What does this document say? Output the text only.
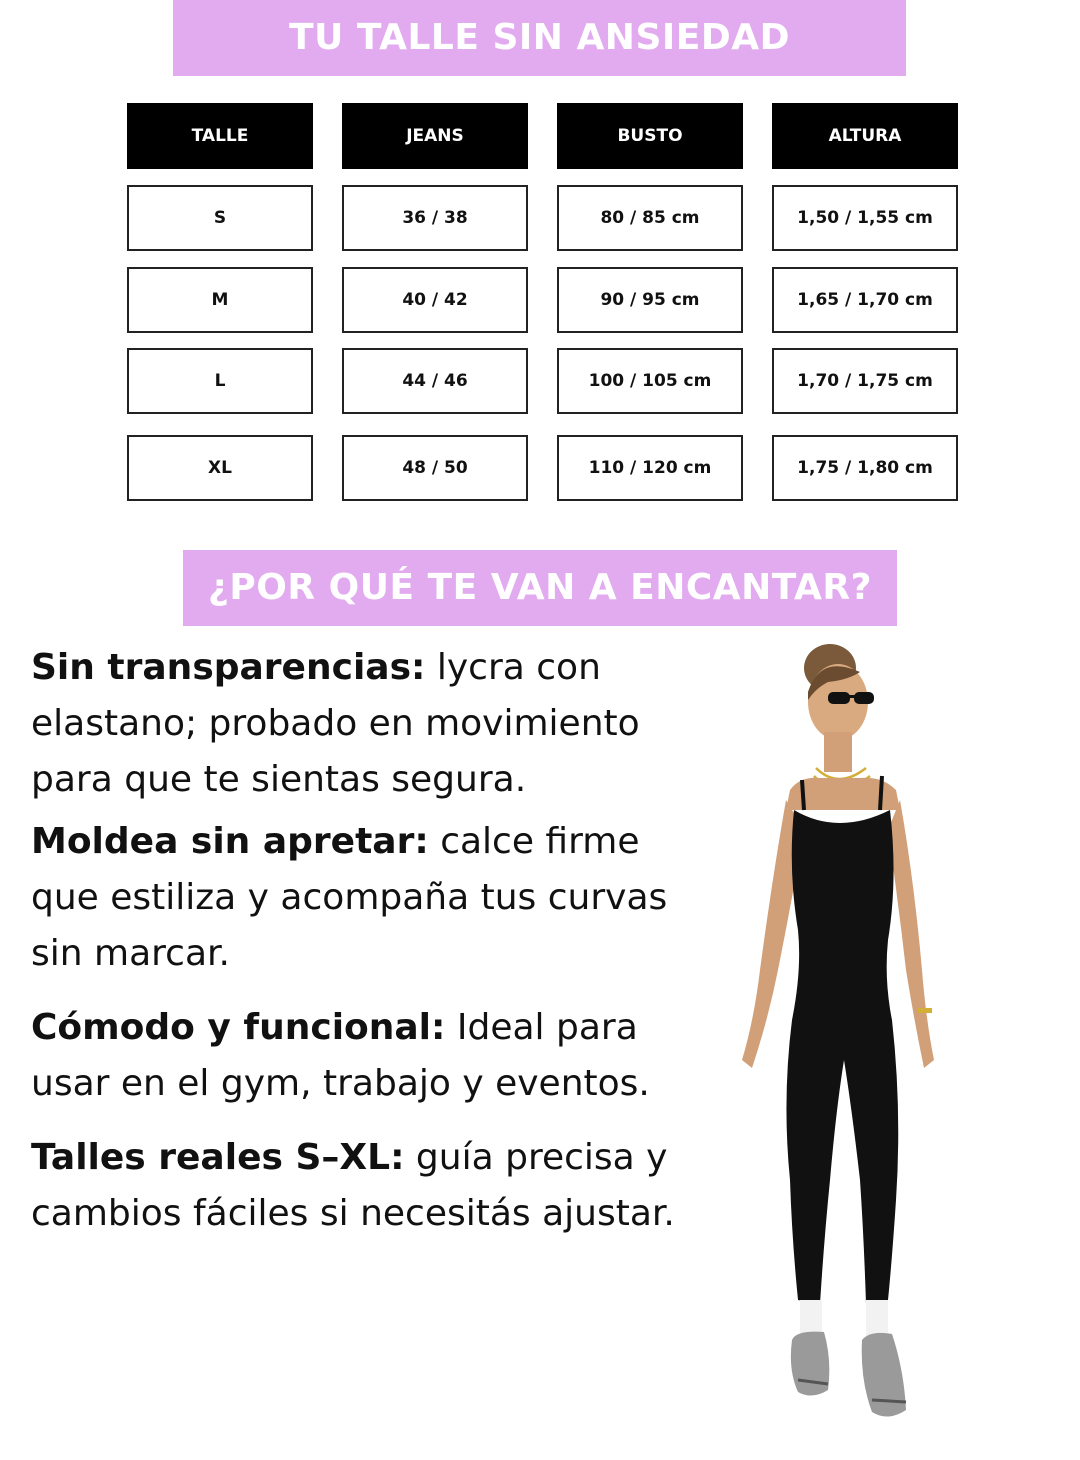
TU TALLE SIN ANSIEDAD
TALLE	JEANS	BUSTO	ALTURA
S	36 / 38	80 / 85 cm	1,50 / 1,55 cm
M	40 / 42	90 / 95 cm	1,65 / 1,70 cm
L	44 / 46	100 / 105 cm	1,70 / 1,75 cm
XL	48 / 50	110 / 120 cm	1,75 / 1,80 cm
¿POR QUÉ TE VAN A ENCANTAR?

Sin transparencias: lycra con elastano; probado en movimiento para que te sientas segura.

Moldea sin apretar: calce firme que estiliza y acompaña tus curvas sin marcar.

Cómodo y funcional: Ideal para usar en el gym, trabajo y eventos.

Talles reales S–XL: guía precisa y cambios fáciles si necesitás ajustar.
